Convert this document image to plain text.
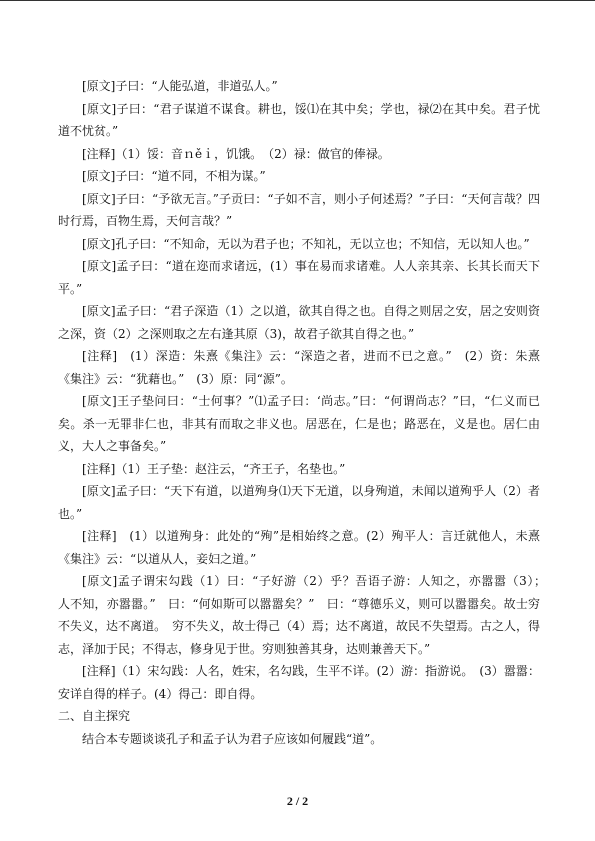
[原文]子曰：“人能弘道，非道弘人。”

[原文]子曰：“君子谋道不谋食。耕也，馁⑴在其中矣；学也，禄⑵在其中矣。君子忧道不忧贫。”

[注释]（1）馁：音ｎěｉ，饥饿。　（2）禄：做官的俸禄。

[原文]子曰：“道不同，不相为谋。”

[原文]子曰：“予欲无言。”子贡曰：“子如不言，则小子何述焉？”子曰：“天何言哉？四时行焉，百物生焉，天何言哉？”

[原文]孔子曰：“不知命，无以为君子也；不知礼，无以立也；不知信，无以知人也。”

[原文]孟子曰：“道在迩而求诸远，(1）事在易而求诸难。人人亲其亲、长其长而天下平。”

[原文]孟子曰：“君子深造（1）之以道，欲其自得之也。自得之则居之安，居之安则资之深，资（2）之深则取之左右逢其原（3)，故君子欲其自得之也。”

[注释]　(1）深造：朱熹《集注》云：“深造之者，进而不已之意。”　(2）资：朱熹《集注》云：“犹藉也。”　(3）原：同“源”。

[原文]王子垫问曰：“士何事？”⑴孟子曰：‘尚志。”曰：“何谓尚志？”曰，“仁义而已矣。杀一无罪非仁也，非其有而取之非义也。居恶在，仁是也；路恶在，义是也。居仁由义，大人之事备矣。”

[注释]（1）王子垫：赵注云，“齐王子，名垫也。”

[原文]孟子曰：“天下有道，以道殉身⑴天下无道，以身殉道，未闻以道殉乎人（2）者也。”

[注释]　(1）以道殉身：此处的“殉”是相始终之意。(2）殉平人：言迁就他人，未熹《集注》云：“以道从人，妾妇之道。”

[原文]孟子谓宋勾践（1）曰：“子好游（2）乎？吾语子游：人知之，亦嚣嚣（3）；　人不知，亦嚣嚣。”　曰：“何如斯可以嚣嚣矣？”　曰：“尊德乐义，则可以嚣嚣矣。故士穷不失义，达不离道。　穷不失义，故士得己（4）焉；达不离道，故民不失望焉。古之人，得志，泽加于民；不得志，修身见于世。穷则独善其身，达则兼善天下。”

[注释]（1）宋勾践：人名，姓宋，名勾践，生平不详。(2）游：指游说。　(3）嚣嚣：安详自得的样子。(4）得己：即自得。

二、自主探究

结合本专题谈谈孔子和孟子认为君子应该如何履践“道”。

2 / 2
